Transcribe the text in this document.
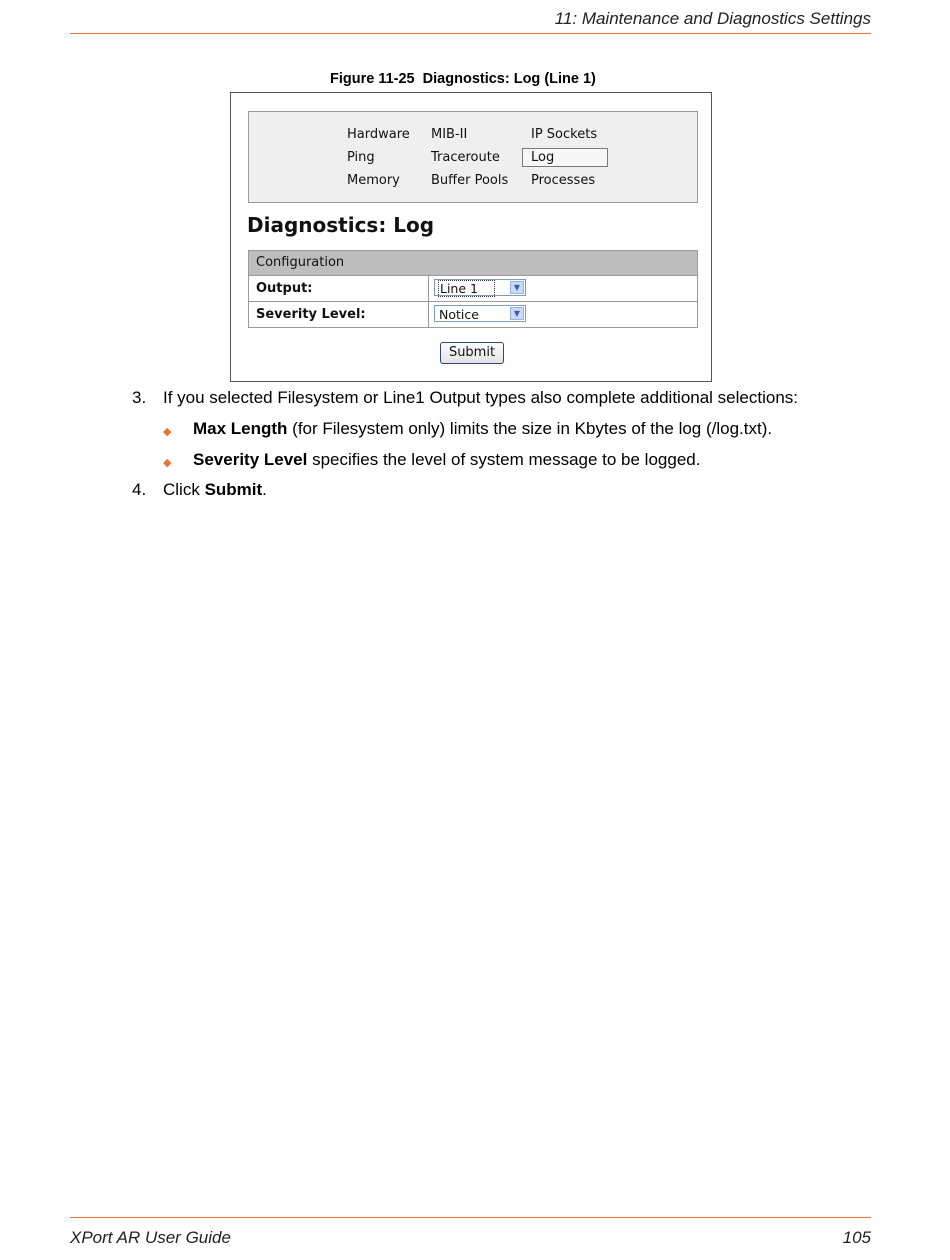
11: Maintenance and Diagnostics Settings
Figure 11-25  Diagnostics: Log (Line 1)
Hardware MIB-II	IP Sockets
Ping	Traceroute	Log
Memory Buffer Pools Processes
Diagnostics: Log
Configuration
Output:	Line 1	▼
Severity Level:	Notice	▼
Submit
3. If you selected Filesystem or Line1 Output types also complete additional selections:
◆ Max Length (for Filesystem only) limits the size in Kbytes of the log (/log.txt).
◆ Severity Level specifies the level of system message to be logged.
4. Click Submit.
XPort AR User Guide	105
